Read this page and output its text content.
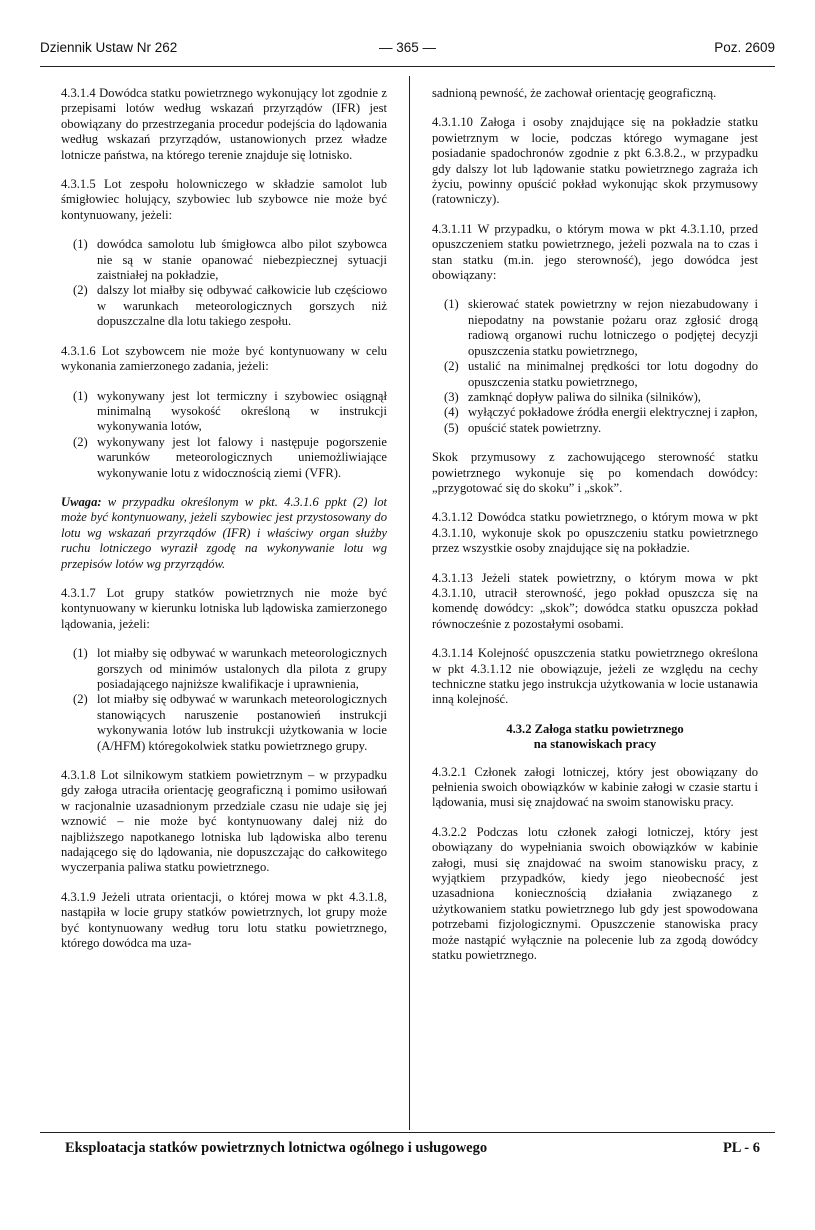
Dziennik Ustaw Nr 262	— 365 —	Poz. 2609

4.3.1.4 Dowódca statku powietrznego wykonujący lot zgodnie z przepisami lotów według wskazań przyrządów (IFR) jest obowiązany do przestrzegania procedur podejścia do lądowania według wskazań przyrządów, ustanowionych przez władze lotnicze państwa, na którego terenie znajduje się lotnisko.

4.3.1.5 Lot zespołu holowniczego w składzie samolot lub śmigłowiec holujący, szybowiec lub szybowce nie może być kontynuowany, jeżeli:

(1) dowódca samolotu lub śmigłowca albo pilot szybowca nie są w stanie opanować niebezpiecznej sytuacji zaistniałej na pokładzie,
(2) dalszy lot miałby się odbywać całkowicie lub częściowo w warunkach meteorologicznych gorszych niż dopuszczalne dla lotu takiego zespołu.

4.3.1.6 Lot szybowcem nie może być kontynuowany w celu wykonania zamierzonego zadania, jeżeli:

(1) wykonywany jest lot termiczny i szybowiec osiągnął minimalną wysokość określoną w instrukcji wykonywania lotów,
(2) wykonywany jest lot falowy i następuje pogorszenie warunków meteorologicznych uniemożliwiające wykonywanie lotu z widocznością ziemi (VFR).

Uwaga: w przypadku określonym w pkt. 4.3.1.6 ppkt (2) lot może być kontynuowany, jeżeli szybowiec jest przystosowany do lotu wg wskazań przyrządów (IFR) i właściwy organ służby ruchu lotniczego wyraził zgodę na wykonywanie lotu wg przepisów lotów wg przyrządów.

4.3.1.7 Lot grupy statków powietrznych nie może być kontynuowany w kierunku lotniska lub lądowiska zamierzonego lądowania, jeżeli:

(1) lot miałby się odbywać w warunkach meteorologicznych gorszych od minimów ustalonych dla pilota z grupy posiadającego najniższe kwalifikacje i uprawnienia,
(2) lot miałby się odbywać w warunkach meteorologicznych stanowiących naruszenie postanowień instrukcji wykonywania lotów lub instrukcji użytkowania w locie (A/HFM) któregokolwiek statku powietrznego grupy.

4.3.1.8 Lot silnikowym statkiem powietrznym – w przypadku gdy załoga utraciła orientację geograficzną i pomimo usiłowań w racjonalnie uzasadnionym przedziale czasu nie udaje się jej wznowić – nie może być kontynuowany dalej niż do najbliższego napotkanego lotniska lub lądowiska albo terenu nadającego się do lądowania, nie dopuszczając do całkowitego wyczerpania paliwa statku powietrznego.

4.3.1.9 Jeżeli utrata orientacji, o której mowa w pkt 4.3.1.8, nastąpiła w locie grupy statków powietrznych, lot grupy może być kontynuowany według toru lotu statku powietrznego, którego dowódca ma uza-

sadnioną pewność, że zachował orientację geograficzną.

4.3.1.10 Załoga i osoby znajdujące się na pokładzie statku powietrznym w locie, podczas którego wymagane jest posiadanie spadochronów zgodnie z pkt 6.3.8.2., w przypadku gdy dalszy lot lub lądowanie statku powietrznego zagraża ich życiu, powinny opuścić pokład wykonując skok przymusowy (ratowniczy).

4.3.1.11 W przypadku, o którym mowa w pkt 4.3.1.10, przed opuszczeniem statku powietrznego, jeżeli pozwala na to czas i stan statku (m.in. jego sterowność), jego dowódca jest obowiązany:

(1) skierować statek powietrzny w rejon niezabudowany i niepodatny na powstanie pożaru oraz zgłosić drogą radiową organowi ruchu lotniczego o podjętej decyzji opuszczenia statku powietrznego,
(2) ustalić na minimalnej prędkości tor lotu dogodny do opuszczenia statku powietrznego,
(3) zamknąć dopływ paliwa do silnika (silników),
(4) wyłączyć pokładowe źródła energii elektrycznej i zapłon,
(5) opuścić statek powietrzny.

Skok przymusowy z zachowującego sterowność statku powietrznego wykonuje się po komendach dowódcy: „przygotować się do skoku” i „skok”.

4.3.1.12 Dowódca statku powietrznego, o którym mowa w pkt 4.3.1.10, wykonuje skok po opuszczeniu statku powietrznego przez wszystkie osoby znajdujące się na pokładzie.

4.3.1.13 Jeżeli statek powietrzny, o którym mowa w pkt 4.3.1.10, utracił sterowność, jego pokład opuszcza się na komendę dowódcy: „skok”; dowódca statku opuszcza pokład równocześnie z pozostałymi osobami.

4.3.1.14 Kolejność opuszczenia statku powietrznego określona w pkt 4.3.1.12 nie obowiązuje, jeżeli ze względu na cechy techniczne statku jego instrukcja użytkowania w locie ustanawia inną kolejność.

4.3.2 Załoga statku powietrznego
na stanowiskach pracy

4.3.2.1 Członek załogi lotniczej, który jest obowiązany do pełnienia swoich obowiązków w kabinie załogi w czasie startu i lądowania, musi się znajdować na swoim stanowisku pracy.

4.3.2.2 Podczas lotu członek załogi lotniczej, który jest obowiązany do wypełniania swoich obowiązków w kabinie załogi, musi się znajdować na swoim stanowisku pracy, z wyjątkiem przypadków, kiedy jego nieobecność jest uzasadniona koniecznością działania związanego z użytkowaniem statku powietrznego lub gdy jest spowodowana potrzebami fizjologicznymi. Opuszczenie stanowiska pracy może nastąpić wyłącznie na polecenie lub za zgodą dowódcy statku powietrznego.

Eksploatacja statków powietrznych lotnictwa ogólnego i usługowego	PL - 6
